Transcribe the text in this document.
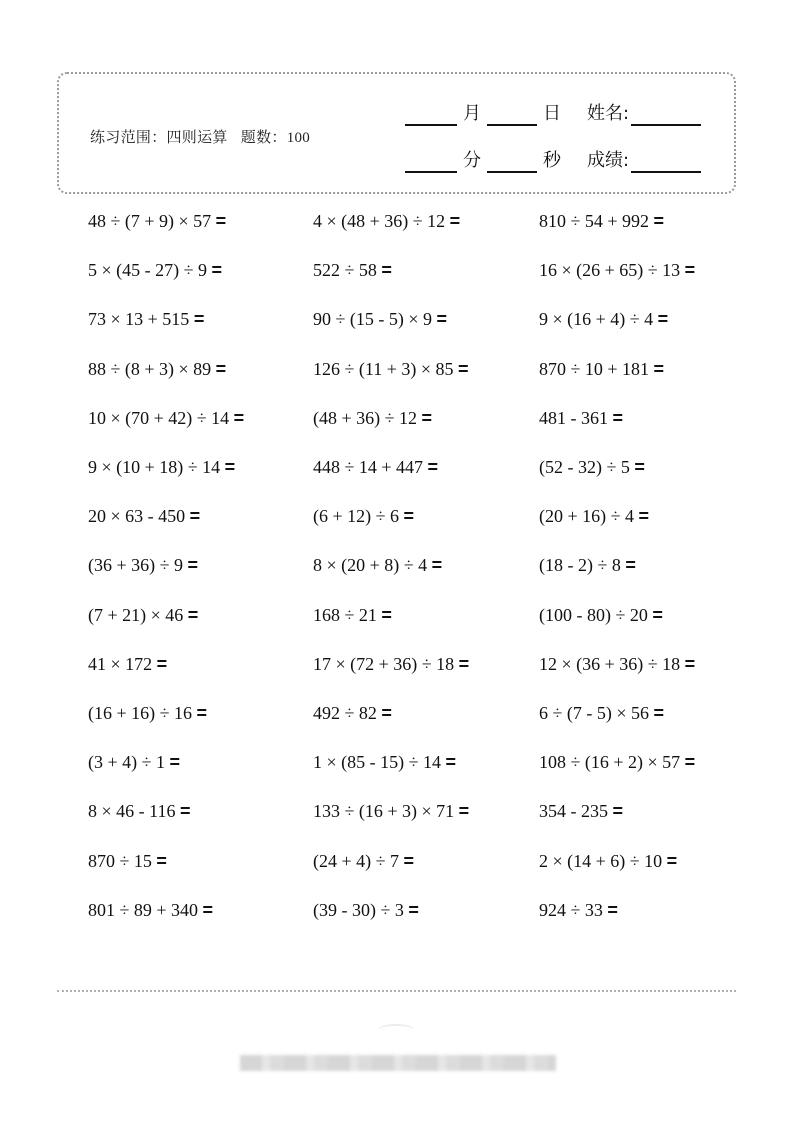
练习范围：四则运算 题数：100
月	日 姓名:
分	秒 成绩:
48 ÷ (7 + 9) × 57 =	4 × (48 + 36) ÷ 12 =	810 ÷ 54 + 992 =
5 × (45 - 27) ÷ 9 =	522 ÷ 58 =	16 × (26 + 65) ÷ 13 =
73 × 13 + 515 =	90 ÷ (15 - 5) × 9 =	9 × (16 + 4) ÷ 4 =
88 ÷ (8 + 3) × 89 =	126 ÷ (11 + 3) × 85 =	870 ÷ 10 + 181 =
10 × (70 + 42) ÷ 14 =	(48 + 36) ÷ 12 =	481 - 361 =
9 × (10 + 18) ÷ 14 =	448 ÷ 14 + 447 =	(52 - 32) ÷ 5 =
20 × 63 - 450 =	(6 + 12) ÷ 6 =	(20 + 16) ÷ 4 =
(36 + 36) ÷ 9 =	8 × (20 + 8) ÷ 4 =	(18 - 2) ÷ 8 =
(7 + 21) × 46 =	168 ÷ 21 =	(100 - 80) ÷ 20 =
41 × 172 =	17 × (72 + 36) ÷ 18 =	12 × (36 + 36) ÷ 18 =
(16 + 16) ÷ 16 =	492 ÷ 82 =	6 ÷ (7 - 5) × 56 =
(3 + 4) ÷ 1 =	1 × (85 - 15) ÷ 14 =	108 ÷ (16 + 2) × 57 =
8 × 46 - 116 =	133 ÷ (16 + 3) × 71 =	354 - 235 =
870 ÷ 15 =	(24 + 4) ÷ 7 =	2 × (14 + 6) ÷ 10 =
801 ÷ 89 + 340 =	(39 - 30) ÷ 3 =	924 ÷ 33 =
